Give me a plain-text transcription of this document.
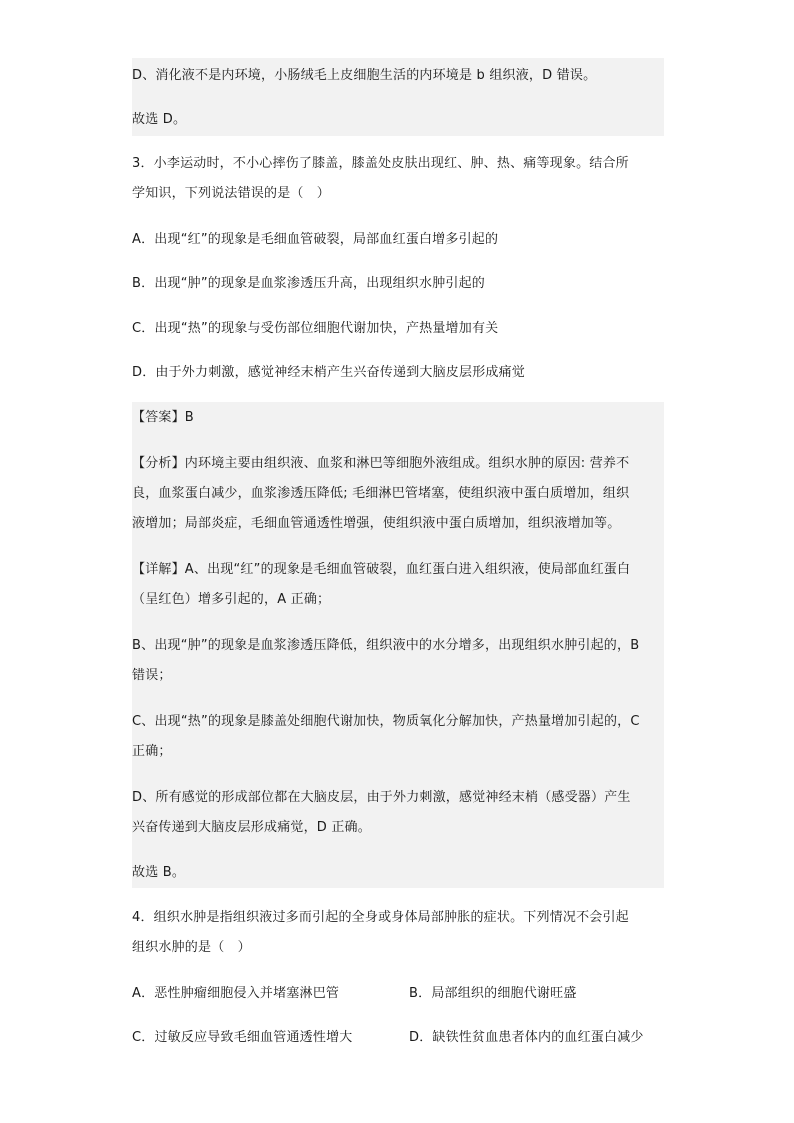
D、消化液不是内环境，小肠绒毛上皮细胞生活的内环境是 b 组织液，D 错误。
故选 D。
3．小李运动时，不小心摔伤了膝盖，膝盖处皮肤出现红、肿、热、痛等现象。结合所
学知识，下列说法错误的是（　）
A．出现“红”的现象是毛细血管破裂，局部血红蛋白增多引起的
B．出现“肿”的现象是血浆渗透压升高，出现组织水肿引起的
C．出现“热”的现象与受伤部位细胞代谢加快，产热量增加有关
D．由于外力刺激，感觉神经末梢产生兴奋传递到大脑皮层形成痛觉
【答案】B
【分析】内环境主要由组织液、血浆和淋巴等细胞外液组成。组织水肿的原因: 营养不
良，血浆蛋白减少，血浆渗透压降低; 毛细淋巴管堵塞，使组织液中蛋白质增加，组织
液增加；局部炎症，毛细血管通透性增强，使组织液中蛋白质增加，组织液增加等。
【详解】A、出现“红”的现象是毛细血管破裂，血红蛋白进入组织液，使局部血红蛋白
（呈红色）增多引起的，A 正确；
B、出现“肿”的现象是血浆渗透压降低，组织液中的水分增多，出现组织水肿引起的，B
错误；
C、出现“热”的现象是膝盖处细胞代谢加快，物质氧化分解加快，产热量增加引起的，C
正确；
D、所有感觉的形成部位都在大脑皮层，由于外力刺激，感觉神经末梢（感受器）产生
兴奋传递到大脑皮层形成痛觉，D 正确。
故选 B。
4．组织水肿是指组织液过多而引起的全身或身体局部肿胀的症状。下列情况不会引起
组织水肿的是（　）
A．恶性肿瘤细胞侵入并堵塞淋巴管	B．局部组织的细胞代谢旺盛
C．过敏反应导致毛细血管通透性增大	D．缺铁性贫血患者体内的血红蛋白减少
